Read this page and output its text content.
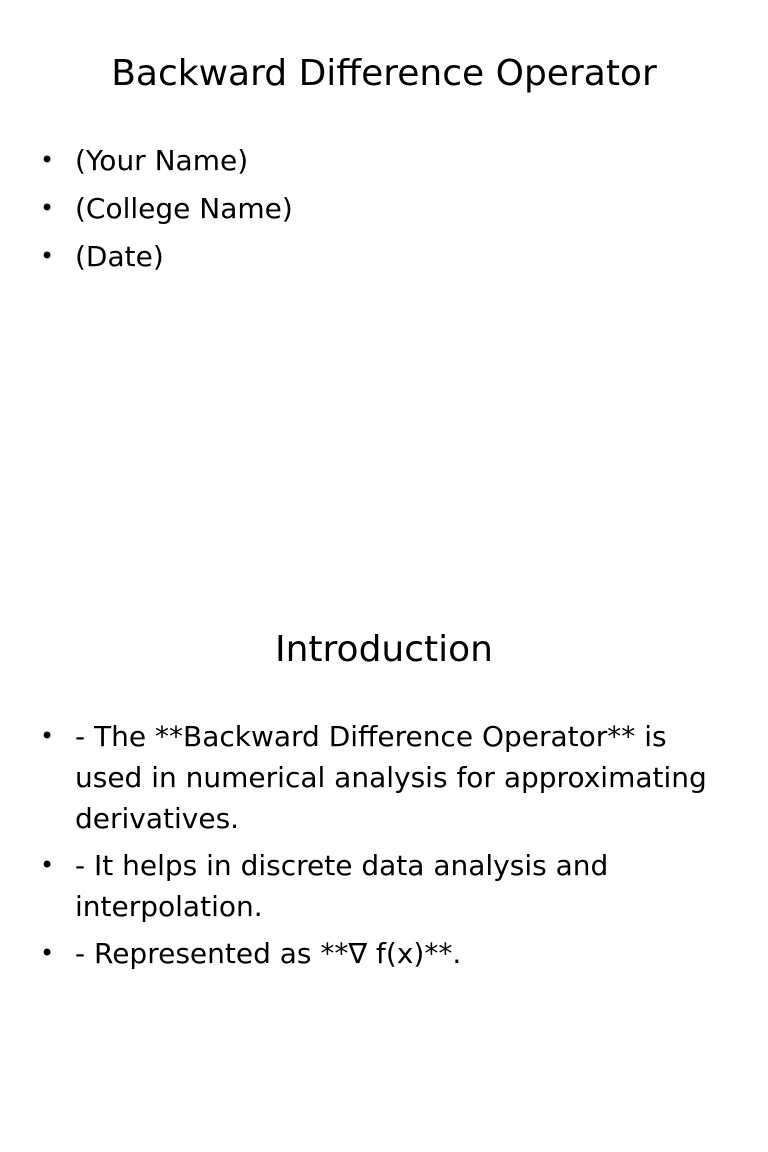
Backward Difference Operator
• (Your Name)
• (College Name)
• (Date)
Introduction
• - The **Backward Difference Operator** is used in numerical analysis for approximating derivatives.
• - It helps in discrete data analysis and interpolation.
• - Represented as **∇ f(x)**.
